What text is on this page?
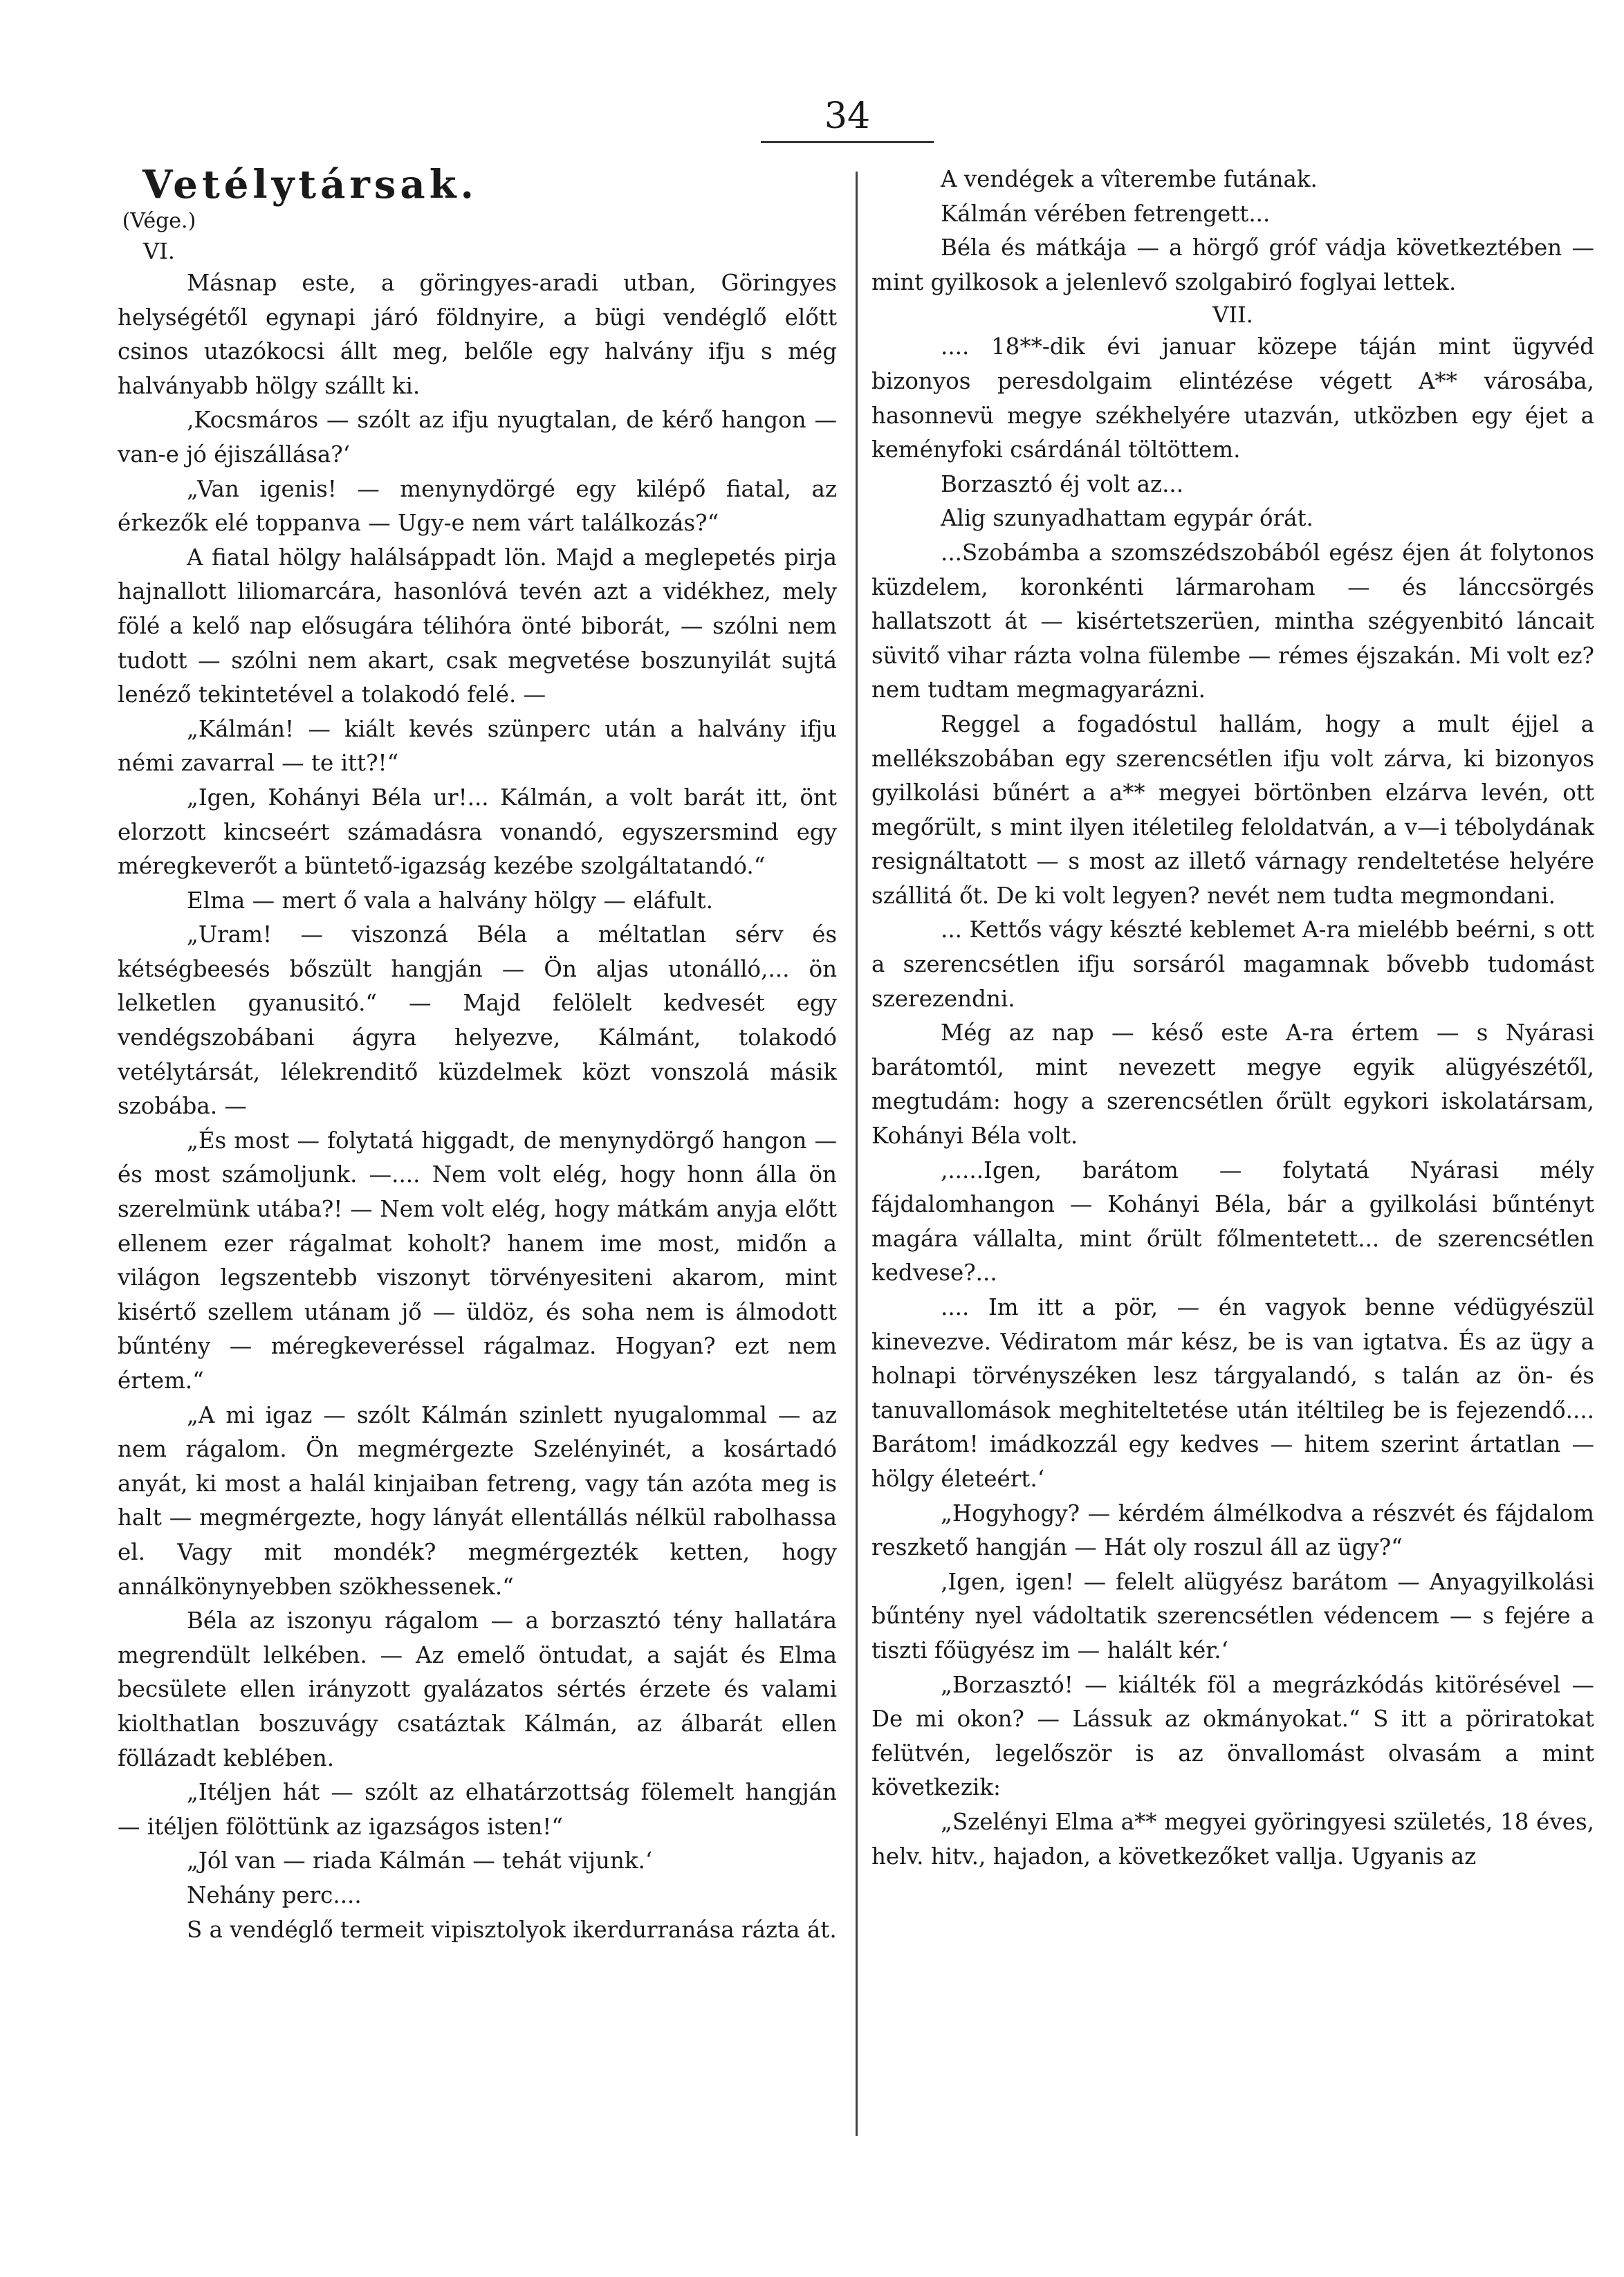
34
Vetélytársak.

(Vége.)

VI.

Másnap este, a göringyes-aradi utban, Göringyes helységétől egynapi járó földnyire, a bügi vendéglő előtt csinos utazókocsi állt meg, belőle egy halvány ifju s még halványabb hölgy szállt ki.

‚Kocsmáros — szólt az ifju nyugtalan, de kérő hangon — van-e jó éjiszállása?‘

„Van igenis! — menynydörgé egy kilépő fiatal, az érkezők elé toppanva — Ugy-e nem várt találkozás?“

A fiatal hölgy halálsáppadt lön. Majd a meglepetés pirja hajnallott liliomarcára, hasonlóvá tevén azt a vidékhez, mely fölé a kelő nap elősugára télihóra önté biborát, — szólni nem tudott — szólni nem akart, csak megvetése boszunyilát sujtá lenéző tekintetével a tolakodó felé. —

„Kálmán! — kiált kevés szünperc után a halvány ifju némi zavarral — te itt?!“

„Igen, Kohányi Béla ur!... Kálmán, a volt barát itt, önt elorzott kincseért számadásra vonandó, egyszersmind egy méregkeverőt a büntető-igazság kezébe szolgáltatandó.“

Elma — mert ő vala a halvány hölgy — eláfult.

„Uram! — viszonzá Béla a méltatlan sérv és kétségbeesés bőszült hangján — Ön aljas utonálló,... ön lelketlen gyanusitó.“ — Majd felölelt kedvesét egy vendégszobábani ágyra helyezve, Kálmánt, tolakodó vetélytársát, lélekrenditő küzdelmek közt vonszolá másik szobába. —

„És most — folytatá higgadt, de menynydörgő hangon — és most számoljunk. —.... Nem volt elég, hogy honn álla ön szerelmünk utába?! — Nem volt elég, hogy mátkám anyja előtt ellenem ezer rágalmat koholt? hanem ime most, midőn a világon legszentebb viszonyt törvényesiteni akarom, mint kisértő szellem utánam jő — üldöz, és soha nem is álmodott bűntény — méregkeveréssel rágalmaz. Hogyan? ezt nem értem.“

„A mi igaz — szólt Kálmán szinlett nyugalommal — az nem rágalom. Ön megmérgezte Szelényinét, a kosártadó anyát, ki most a halál kinjaiban fetreng, vagy tán azóta meg is halt — megmérgezte, hogy lányát ellentállás nélkül rabolhassa el. Vagy mit mondék? megmérgezték ketten, hogy annálkönynyebben szökhessenek.“

Béla az iszonyu rágalom — a borzasztó tény hallatára megrendült lelkében. — Az emelő öntudat, a saját és Elma becsülete ellen irányzott gyalázatos sértés érzete és valami kiolthatlan boszuvágy csatáztak Kálmán, az álbarát ellen föllázadt keblében.

„Itéljen hát — szólt az elhatárzottság fölemelt hangján — itéljen fölöttünk az igazságos isten!“

„Jól van — riada Kálmán — tehát vijunk.‘

Nehány perc....

S a vendéglő termeit vipisztolyok ikerdurranása rázta át.

A vendégek a vîterembe futának.

Kálmán vérében fetrengett...

Béla és mátkája — a hörgő gróf vádja következtében — mint gyilkosok a jelenlevő szolgabiró foglyai lettek.

VII.

.... 18**-dik évi januar közepe táján mint ügyvéd bizonyos peresdolgaim elintézése végett A** városába, hasonnevü megye székhelyére utazván, utközben egy éjet a keményfoki csárdánál töltöttem.

Borzasztó éj volt az...

Alig szunyadhattam egypár órát.

...Szobámba a szomszédszobából egész éjen át folytonos küzdelem, koronkénti lármaroham — és lánccsörgés hallatszott át — kisértetszerüen, mintha szégyenbitó láncait süvitő vihar rázta volna fülembe — rémes éjszakán. Mi volt ez? nem tudtam megmagyarázni.

Reggel a fogadóstul hallám, hogy a mult éjjel a mellékszobában egy szerencsétlen ifju volt zárva, ki bizonyos gyilkolási bűnért a a** megyei börtönben elzárva levén, ott megőrült, s mint ilyen itéletileg feloldatván, a v—i tébolydának resignáltatott — s most az illető várnagy rendeltetése helyére szállitá őt. De ki volt legyen? nevét nem tudta megmondani.

... Kettős vágy készté keblemet A-ra mielébb beérni, s ott a szerencsétlen ifju sorsáról magamnak bővebb tudomást szerezendni.

Még az nap — késő este A-ra értem — s Nyárasi barátomtól, mint nevezett megye egyik alügyészétől, megtudám: hogy a szerencsétlen őrült egykori iskolatársam, Kohányi Béla volt.

‚.....Igen, barátom — folytatá Nyárasi mély fájdalomhangon — Kohányi Béla, bár a gyilkolási bűntényt magára vállalta, mint őrült főlmentetett... de szerencsétlen kedvese?...

.... Im itt a pör, — én vagyok benne védügyészül kinevezve. Védiratom már kész, be is van igtatva. És az ügy a holnapi törvényszéken lesz tárgyalandó, s talán az ön- és tanuvallomások meghiteltetése után itéltileg be is fejezendő.... Barátom! imádkozzál egy kedves — hitem szerint ártatlan — hölgy életeért.‘

„Hogyhogy? — kérdém álmélkodva a részvét és fájdalom reszkető hangján — Hát oly roszul áll az ügy?“

‚Igen, igen! — felelt alügyész barátom — Anyagyilkolási bűntény nyel vádoltatik szerencsétlen védencem — s fejére a tiszti főügyész im — halált kér.‘

„Borzasztó! — kiálték föl a megrázkódás kitörésével — De mi okon? — Lássuk az okmányokat.“ S itt a pöriratokat felütvén, legelőször is az önvallomást olvasám a mint következik:

„Szelényi Elma a** megyei györingyesi születés, 18 éves, helv. hitv., hajadon, a következőket vallja. Ugyanis az
